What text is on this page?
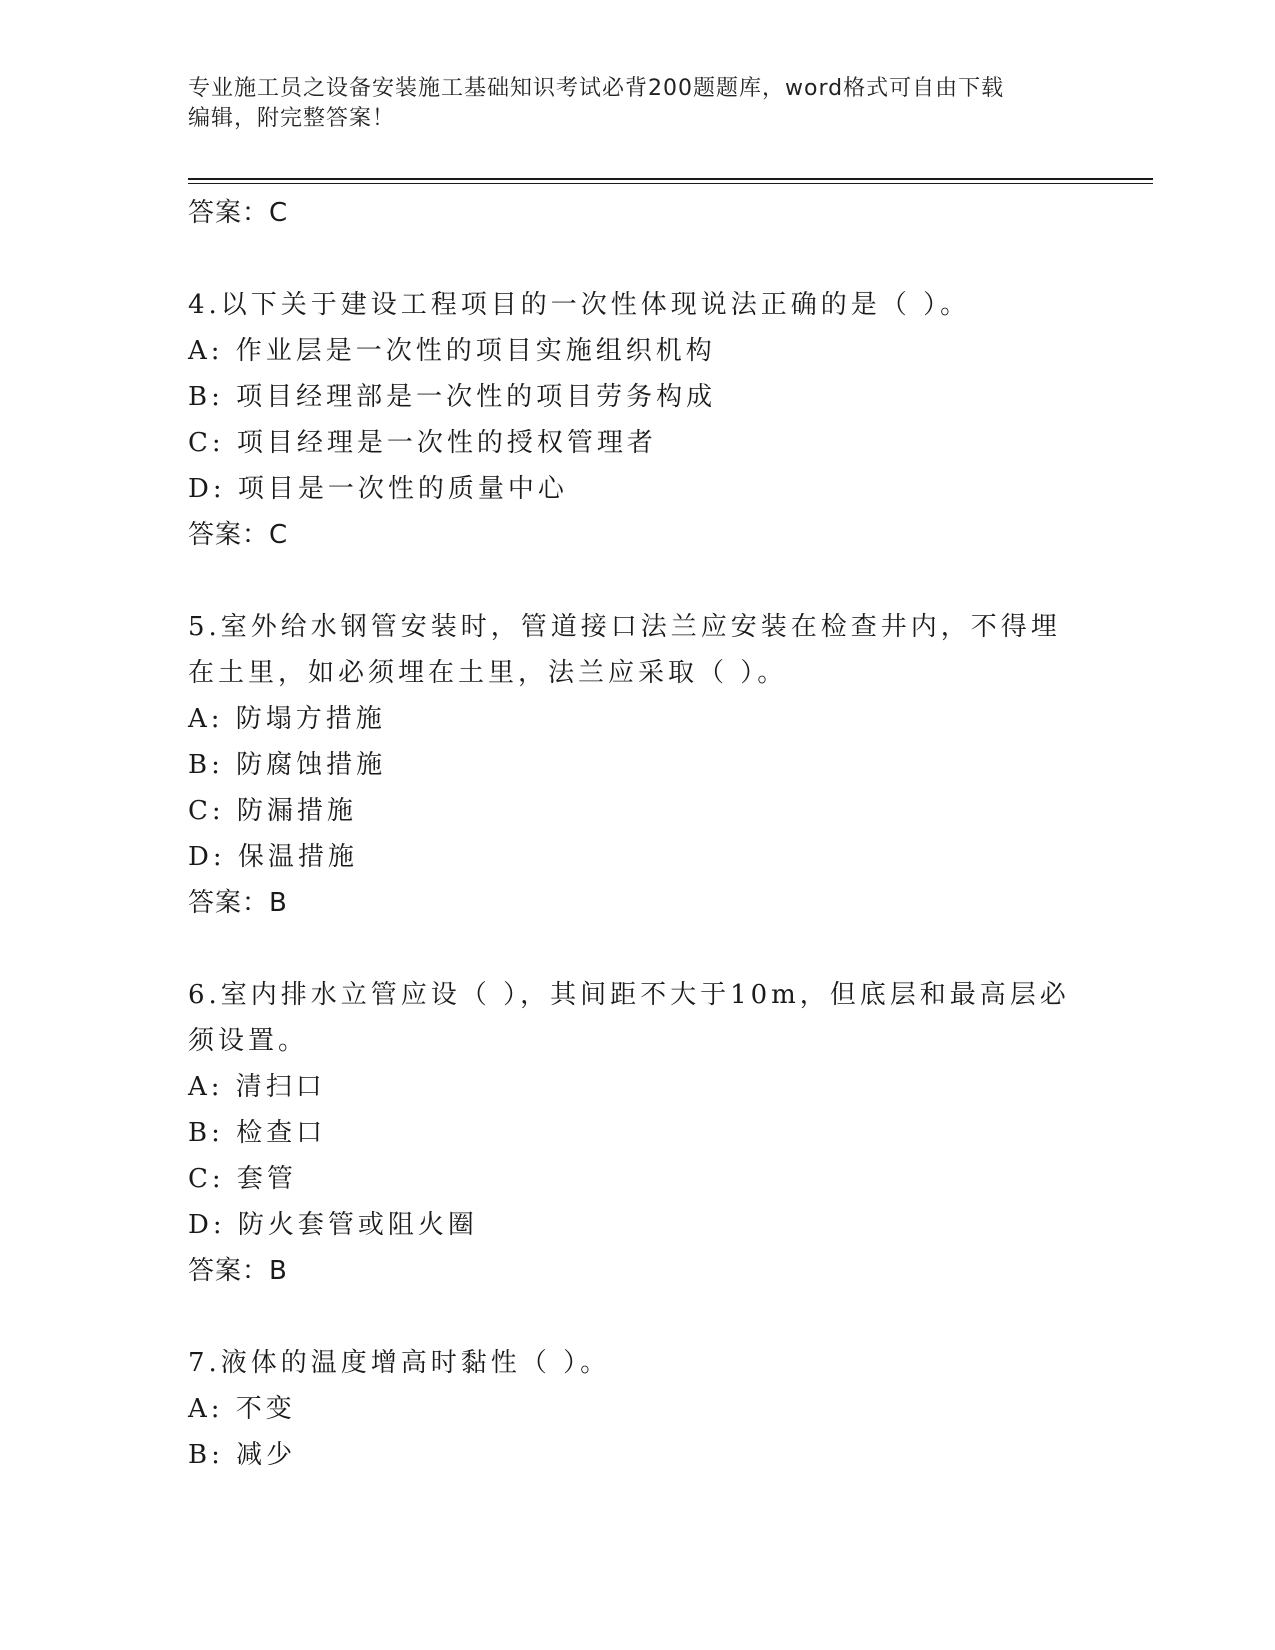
专业施工员之设备安装施工基础知识考试必背200题题库，word格式可自由下载
编辑，附完整答案！
答案：C
4.以下关于建设工程项目的一次性体现说法正确的是（ ）。
A: 作业层是一次性的项目实施组织机构
B: 项目经理部是一次性的项目劳务构成
C: 项目经理是一次性的授权管理者
D: 项目是一次性的质量中心
答案：C
5.室外给水钢管安装时，管道接口法兰应安装在检查井内，不得埋在土里，如必须埋在土里，法兰应采取（ ）。
A: 防塌方措施
B: 防腐蚀措施
C: 防漏措施
D: 保温措施
答案：B
6.室内排水立管应设（ ），其间距不大于10m，但底层和最高层必须设置。
A: 清扫口
B: 检查口
C: 套管
D: 防火套管或阻火圈
答案：B
7.液体的温度增高时黏性（ ）。
A: 不变
B: 减少
